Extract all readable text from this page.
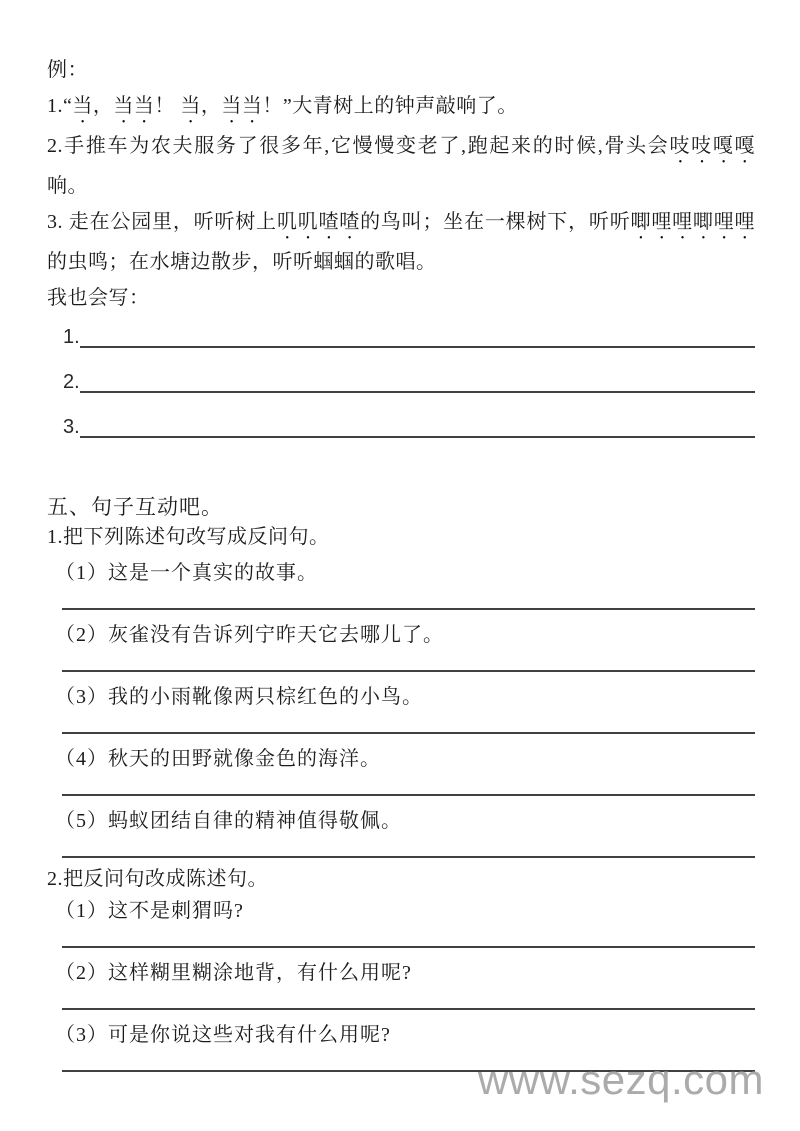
例：

1.“当，当当！ 当，当当！”大青树上的钟声敲响了。

2.手推车为农夫服务了很多年,它慢慢变老了,跑起来的时候,骨头会吱吱嘎嘎响。

3. 走在公园里，听听树上叽叽喳喳的鸟叫；坐在一棵树下，听听唧哩哩唧哩哩的虫鸣；在水塘边散步，听听蝈蝈的歌唱。

我也会写：

1.
2.
3.

五、句子互动吧。

1.把下列陈述句改写成反问句。

（1）这是一个真实的故事。

（2）灰雀没有告诉列宁昨天它去哪儿了。

（3）我的小雨靴像两只棕红色的小鸟。

（4）秋天的田野就像金色的海洋。

（5）蚂蚁团结自律的精神值得敬佩。

2.把反问句改成陈述句。

（1）这不是刺猬吗?

（2）这样糊里糊涂地背，有什么用呢?

（3）可是你说这些对我有什么用呢?

www.sezq.com
